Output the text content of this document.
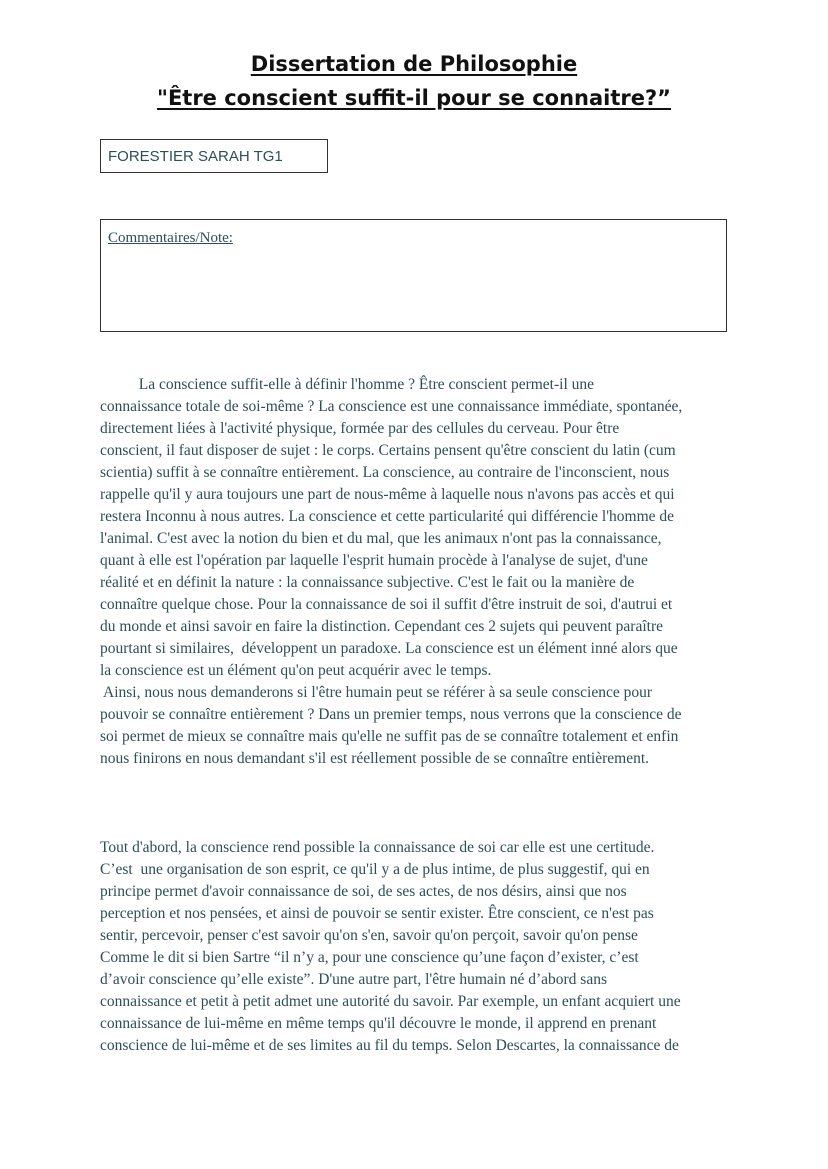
Dissertation de Philosophie
"Être conscient suffit-il pour se connaitre?”
FORESTIER SARAH TG1
Commentaires/Note:
La conscience suffit-elle à définir l'homme ? Être conscient permet-il une
connaissance totale de soi-même ? La conscience est une connaissance immédiate, spontanée,
directement liées à l'activité physique, formée par des cellules du cerveau. Pour être
conscient, il faut disposer de sujet : le corps. Certains pensent qu'être conscient du latin (cum
scientia) suffit à se connaître entièrement. La conscience, au contraire de l'inconscient, nous
rappelle qu'il y aura toujours une part de nous-même à laquelle nous n'avons pas accès et qui
restera Inconnu à nous autres. La conscience et cette particularité qui différencie l'homme de
l'animal. C'est avec la notion du bien et du mal, que les animaux n'ont pas la connaissance,
quant à elle est l'opération par laquelle l'esprit humain procède à l'analyse de sujet, d'une
réalité et en définit la nature : la connaissance subjective. C'est le fait ou la manière de
connaître quelque chose. Pour la connaissance de soi il suffit d'être instruit de soi, d'autrui et
du monde et ainsi savoir en faire la distinction. Cependant ces 2 sujets qui peuvent paraître
pourtant si similaires,  développent un paradoxe. La conscience est un élément inné alors que
la conscience est un élément qu'on peut acquérir avec le temps.
Ainsi, nous nous demanderons si l'être humain peut se référer à sa seule conscience pour
pouvoir se connaître entièrement ? Dans un premier temps, nous verrons que la conscience de
soi permet de mieux se connaître mais qu'elle ne suffit pas de se connaître totalement et enfin
nous finirons en nous demandant s'il est réellement possible de se connaître entièrement.
Tout d'abord, la conscience rend possible la connaissance de soi car elle est une certitude.
C’est  une organisation de son esprit, ce qu'il y a de plus intime, de plus suggestif, qui en
principe permet d'avoir connaissance de soi, de ses actes, de nos désirs, ainsi que nos
perception et nos pensées, et ainsi de pouvoir se sentir exister. Être conscient, ce n'est pas
sentir, percevoir, penser c'est savoir qu'on s'en, savoir qu'on perçoit, savoir qu'on pense
Comme le dit si bien Sartre “il n’y a, pour une conscience qu’une façon d’exister, c’est
d’avoir conscience qu’elle existe”. D'une autre part, l'être humain né d’abord sans
connaissance et petit à petit admet une autorité du savoir. Par exemple, un enfant acquiert une
connaissance de lui-même en même temps qu'il découvre le monde, il apprend en prenant
conscience de lui-même et de ses limites au fil du temps. Selon Descartes, la connaissance de
